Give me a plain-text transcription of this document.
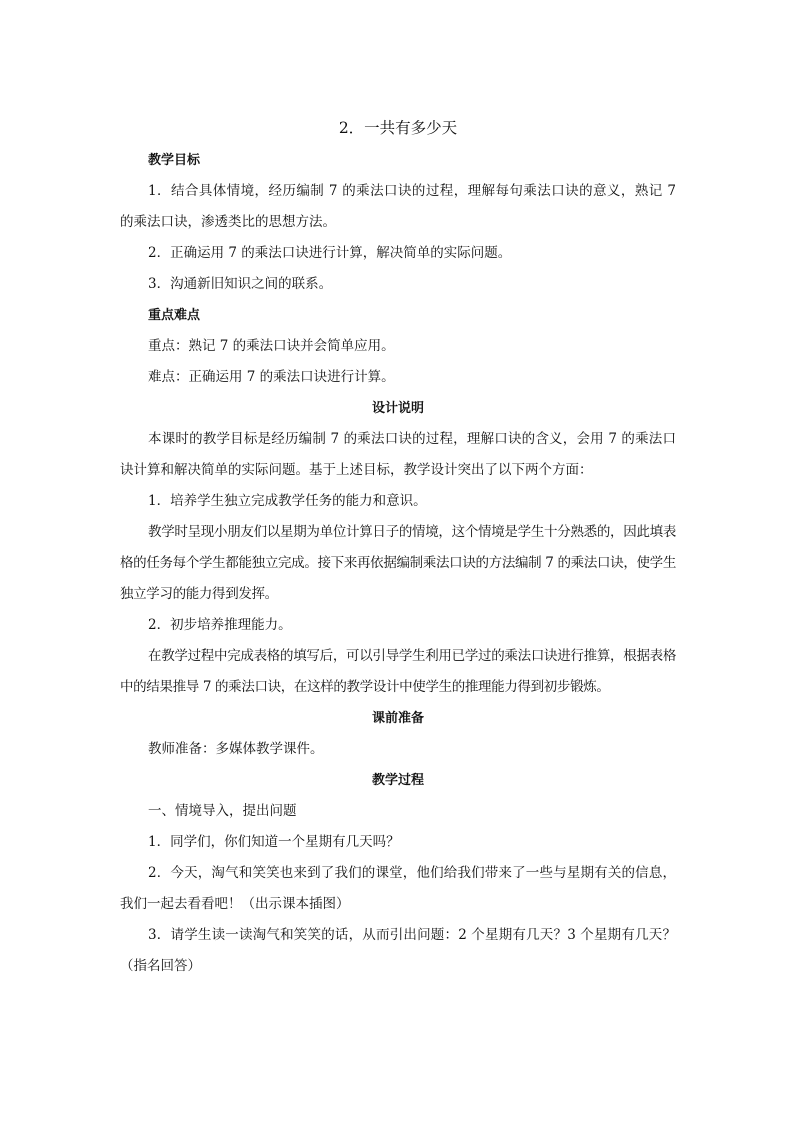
2．一共有多少天

教学目标

1．结合具体情境，经历编制 7 的乘法口诀的过程，理解每句乘法口诀的意义，熟记 7 的乘法口诀，渗透类比的思想方法。

2．正确运用 7 的乘法口诀进行计算，解决简单的实际问题。

3．沟通新旧知识之间的联系。

重点难点

重点：熟记 7 的乘法口诀并会简单应用。

难点：正确运用 7 的乘法口诀进行计算。

设计说明

本课时的教学目标是经历编制 7 的乘法口诀的过程，理解口诀的含义，会用 7 的乘法口诀计算和解决简单的实际问题。基于上述目标，教学设计突出了以下两个方面：

1．培养学生独立完成教学任务的能力和意识。

教学时呈现小朋友们以星期为单位计算日子的情境，这个情境是学生十分熟悉的，因此填表格的任务每个学生都能独立完成。接下来再依据编制乘法口诀的方法编制 7 的乘法口诀，使学生独立学习的能力得到发挥。

2．初步培养推理能力。

在教学过程中完成表格的填写后，可以引导学生利用已学过的乘法口诀进行推算，根据表格中的结果推导 7 的乘法口诀，在这样的教学设计中使学生的推理能力得到初步锻炼。

课前准备

教师准备：多媒体教学课件。

教学过程

一、情境导入，提出问题

1．同学们，你们知道一个星期有几天吗？

2．今天，淘气和笑笑也来到了我们的课堂，他们给我们带来了一些与星期有关的信息，我们一起去看看吧！（出示课本插图）

3．请学生读一读淘气和笑笑的话，从而引出问题：2 个星期有几天？3 个星期有几天？（指名回答）
